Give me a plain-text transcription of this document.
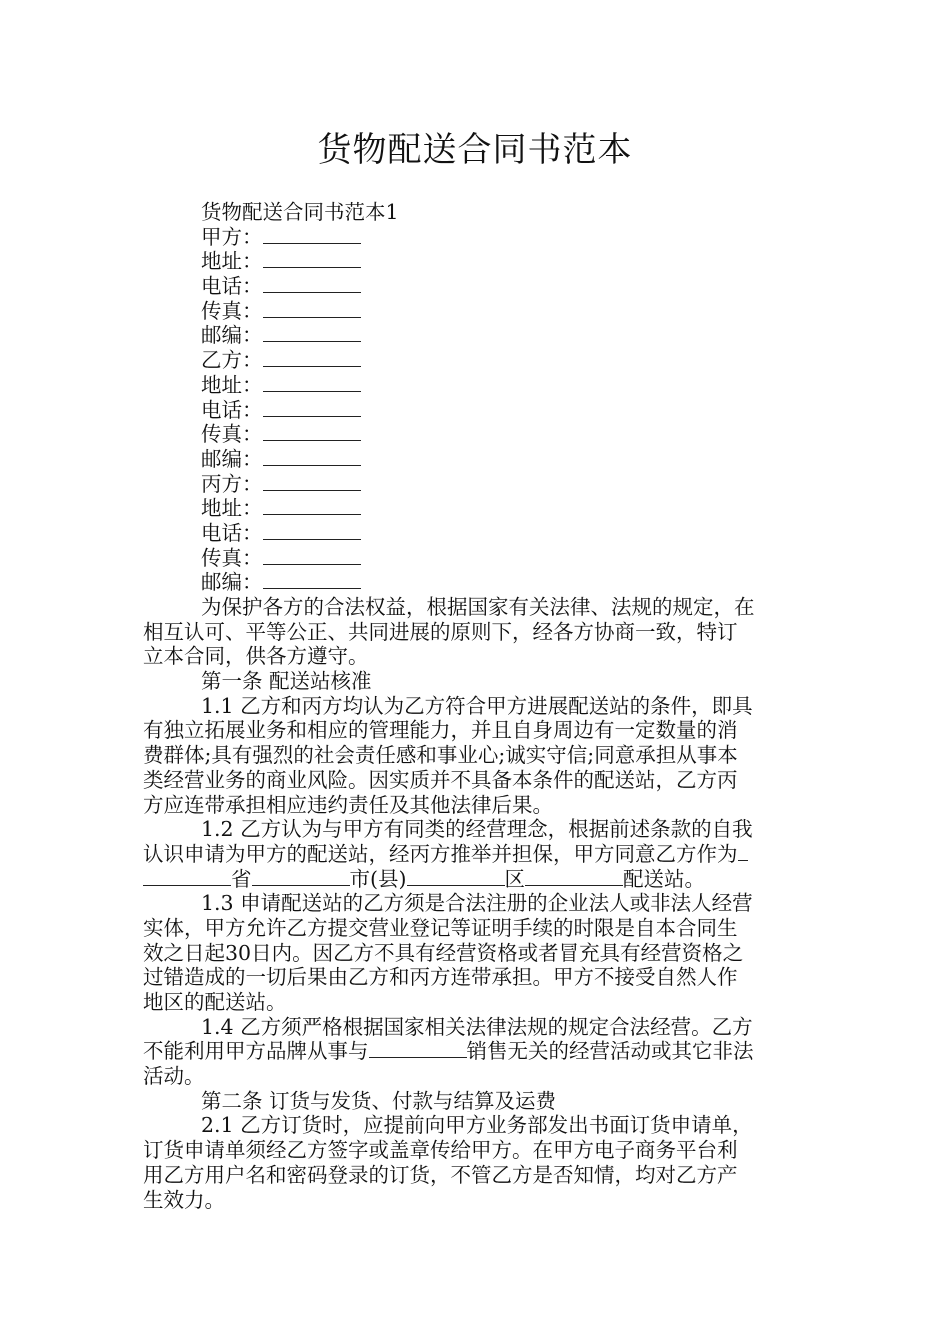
货物配送合同书范本
货物配送合同书范本1
甲方：
地址：
电话：
传真：
邮编：
乙方：
地址：
电话：
传真：
邮编：
丙方：
地址：
电话：
传真：
邮编：
为保护各方的合法权益，根据国家有关法律、法规的规定，在
相互认可、平等公正、共同进展的原则下，经各方协商一致，特订
立本合同，供各方遵守。
第一条 配送站核准
1.1 乙方和丙方均认为乙方符合甲方进展配送站的条件，即具
有独立拓展业务和相应的管理能力，并且自身周边有一定数量的消
费群体;具有强烈的社会责任感和事业心;诚实守信;同意承担从事本
类经营业务的商业风险。因实质并不具备本条件的配送站，乙方丙
方应连带承担相应违约责任及其他法律后果。
1.2 乙方认为与甲方有同类的经营理念，根据前述条款的自我
认识申请为甲方的配送站，经丙方推举并担保，甲方同意乙方作为
省	市(县)	区	配送站。
1.3 申请配送站的乙方须是合法注册的企业法人或非法人经营
实体，甲方允许乙方提交营业登记等证明手续的时限是自本合同生
效之日起30日内。因乙方不具有经营资格或者冒充具有经营资格之
过错造成的一切后果由乙方和丙方连带承担。甲方不接受自然人作
地区的配送站。
1.4 乙方须严格根据国家相关法律法规的规定合法经营。乙方
不能利用甲方品牌从事与	销售无关的经营活动或其它非法
活动。
第二条 订货与发货、付款与结算及运费
2.1 乙方订货时，应提前向甲方业务部发出书面订货申请单，
订货申请单须经乙方签字或盖章传给甲方。在甲方电子商务平台利
用乙方用户名和密码登录的订货，不管乙方是否知情，均对乙方产
生效力。
